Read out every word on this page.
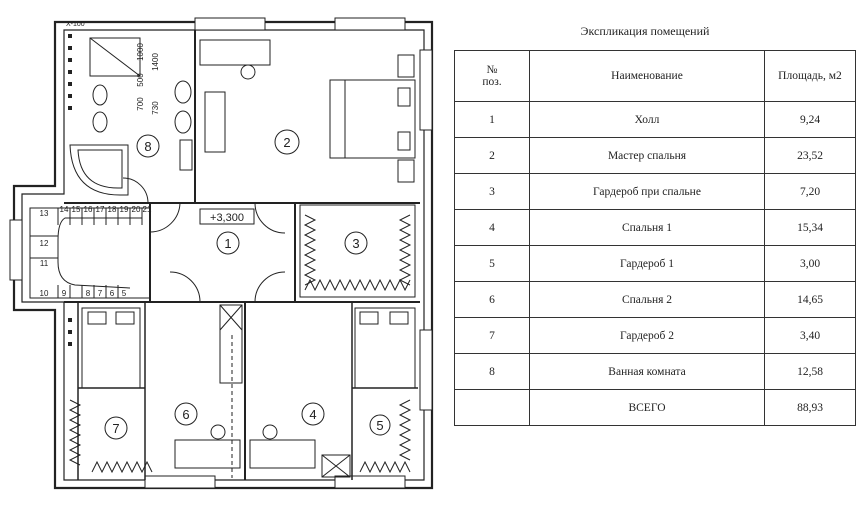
1
2
3
4
5
6
7
8
+3,300
X-100
13 14 15 16 17 18 19 20 21
12
11
10 9 8 7 6 5
700
500
1000
1400
730
Экспликация помещений
№
поз.	Наименование	Площадь, м2
1	Холл	9,24
2	Мастер спальня	23,52
3	Гардероб при спальне	7,20
4	Спальня 1	15,34
5	Гардероб 1	3,00
6	Спальня 2	14,65
7	Гардероб 2	3,40
8	Ванная комната	12,58
	ВСЕГО	88,93
